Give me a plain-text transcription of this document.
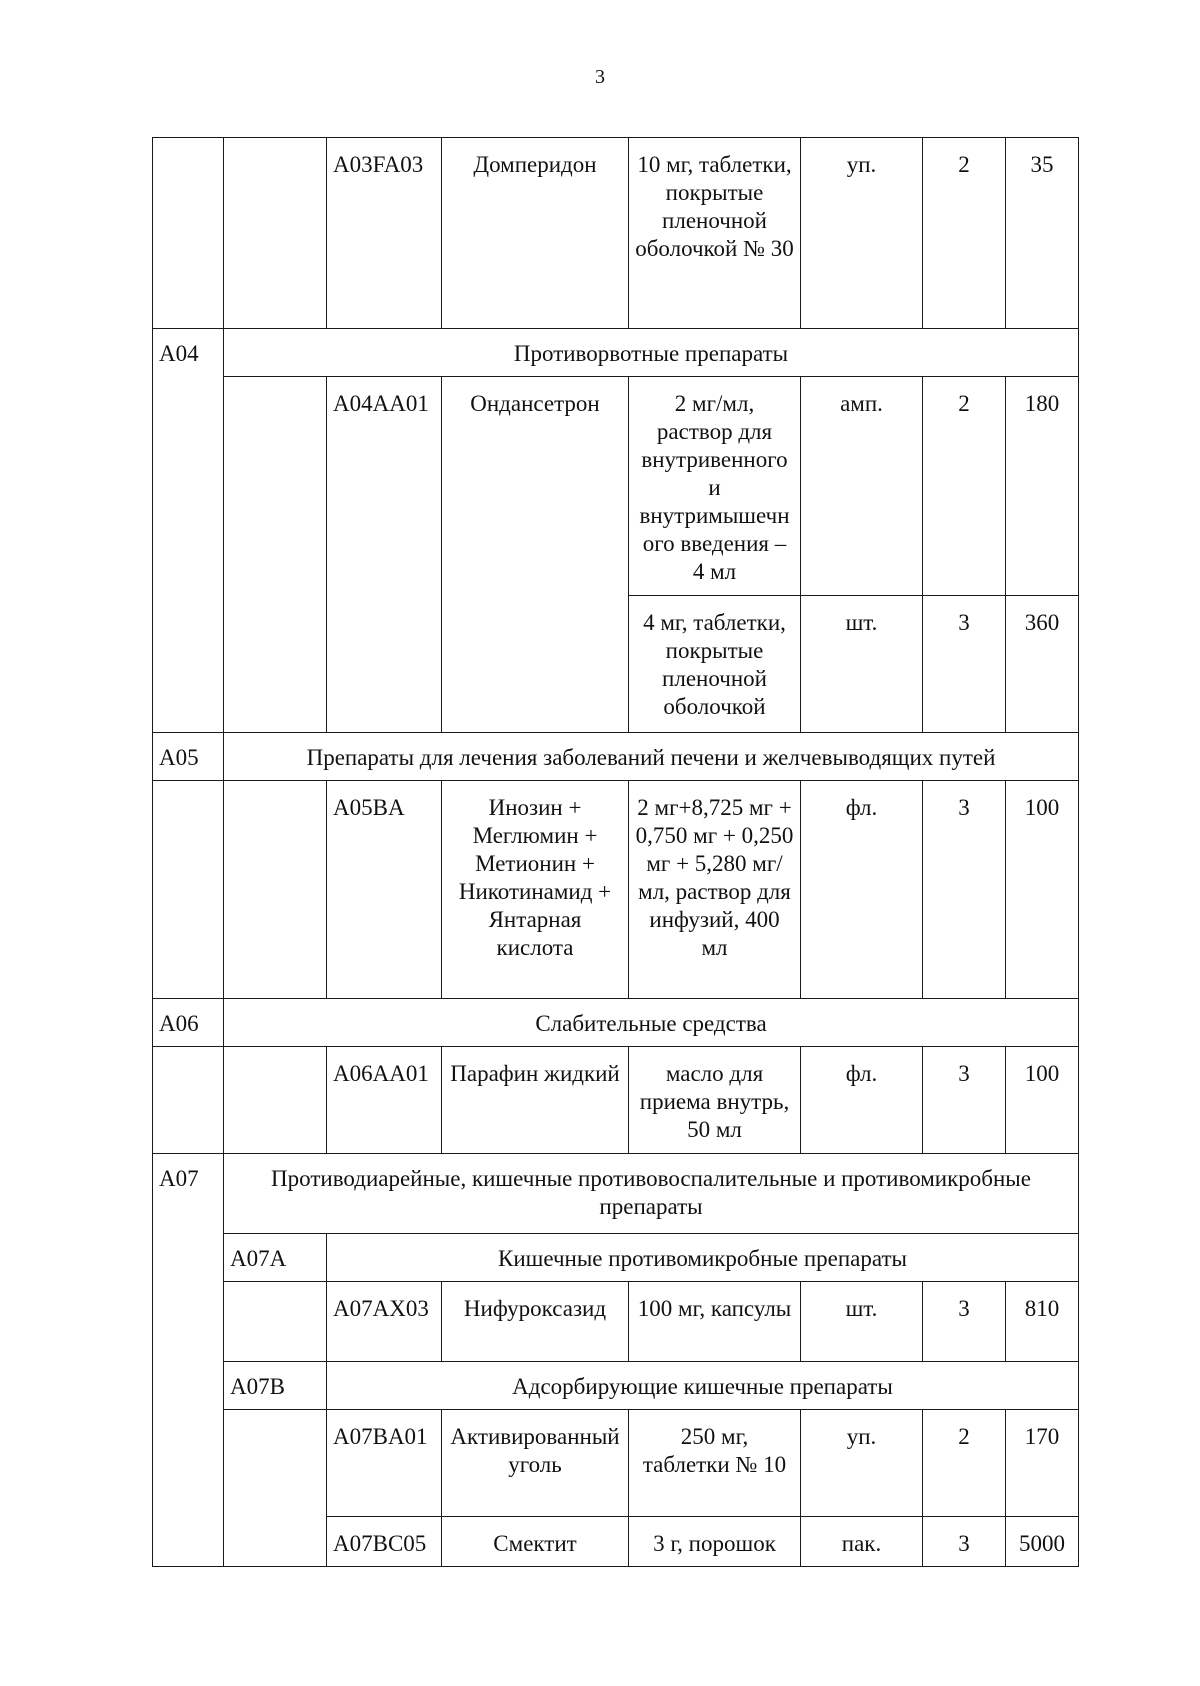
3
		A03FA03	Домперидон	10 мг, таблетки, покрытые пленочной оболочкой № 30	уп.	2	35
A04	Противорвотные препараты						
		A04AA01	Ондансетрон	2 мг/мл, раствор для внутривенного и внутримышечного введения – 4 мл	амп.	2	180
				4 мг, таблетки, покрытые пленочной оболочкой	шт.	3	360
A05	Препараты для лечения заболеваний печени и желчевыводящих путей						
		A05BA	Инозин + Меглюмин + Метионин + Никотинамид + Янтарная кислота	2 мг+8,725 мг + 0,750 мг + 0,250 мг + 5,280 мг/мл, раствор для инфузий, 400 мл	фл.	3	100
A06	Слабительные средства						
		A06AA01	Парафин жидкий	масло для приема внутрь, 50 мл	фл.	3	100
A07	Противодиарейные, кишечные противовоспалительные и противомикробные препараты						
	A07A	Кишечные противомикробные препараты					
		A07AX03	Нифуроксазид	100 мг, капсулы	шт.	3	810
	A07B	Адсорбирующие кишечные препараты					
		A07BA01	Активированный уголь	250 мг, таблетки № 10	уп.	2	170
		A07BC05	Смектит	3 г, порошок	пак.	3	5000
